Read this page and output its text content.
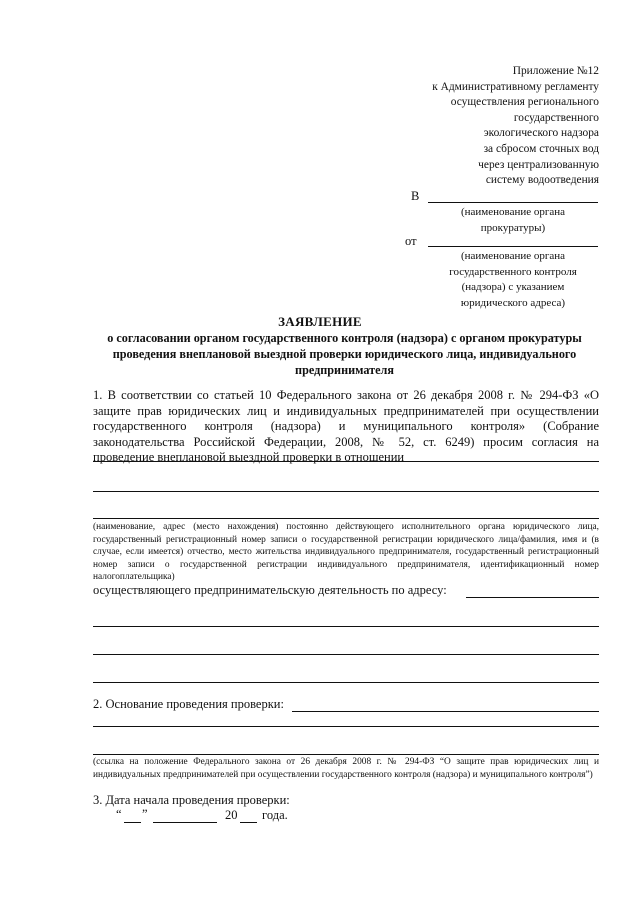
Приложение №12
к Административному регламенту
осуществления регионального
государственного
экологического надзора
за сбросом сточных вод
через централизованную
систему водоотведения
В
(наименование органа
прокуратуры)
от
(наименование органа
государственного контроля
(надзора) с указанием
юридического адреса)
ЗАЯВЛЕНИЕ
о согласовании органом государственного контроля (надзора) с органом прокуратуры проведения внеплановой выездной проверки юридического лица, индивидуального предпринимателя
1. В соответствии со статьей 10 Федерального закона от 26 декабря 2008 г. № 294-ФЗ «О защите прав юридических лиц и индивидуальных предпринимателей при осуществлении государственного контроля (надзора) и муниципального контроля» (Собрание законодательства Российской Федерации, 2008, № 52, ст. 6249) просим согласия на проведение внеплановой выездной проверки в отношении
(наименование, адрес (место нахождения) постоянно действующего исполнительного органа юридического лица, государственный регистрационный номер записи о государственной регистрации юридического лица/фамилия, имя и (в случае, если имеется) отчество, место жительства индивидуального предпринимателя, государственный регистрационный номер записи о государственной регистрации индивидуального предпринимателя, идентификационный номер налогоплательщика)
осуществляющего предпринимательскую деятельность по адресу:
2. Основание проведения проверки:
(ссылка на положение Федерального закона от 26 декабря 2008 г. № 294-ФЗ “О защите прав юридических лиц и индивидуальных предпринимателей при осуществлении государственного контроля (надзора) и муниципального контроля”)
3. Дата начала проведения проверки:
“ ”	20 года.
